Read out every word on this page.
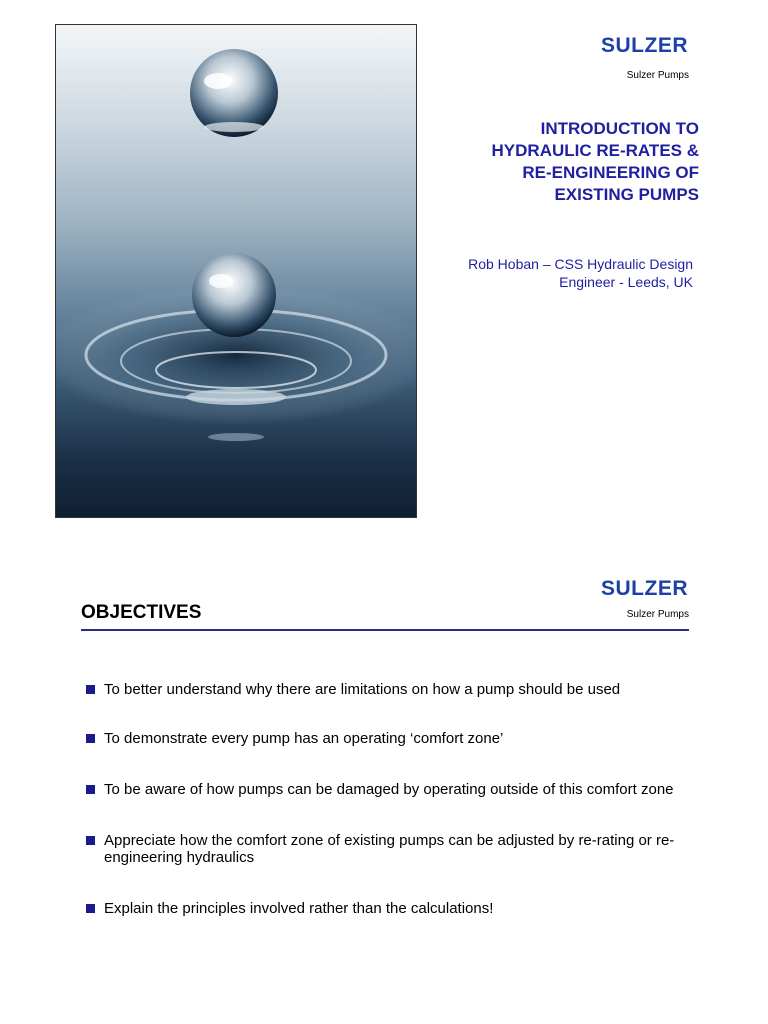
SULZER
Sulzer Pumps
INTRODUCTION TO
HYDRAULIC RE-RATES &
RE-ENGINEERING OF
EXISTING PUMPS
Rob Hoban – CSS Hydraulic Design
Engineer - Leeds, UK
SULZER
Sulzer Pumps
OBJECTIVES
To better understand why there are limitations on how a pump should be used
To demonstrate every pump has an operating ‘comfort zone’
To be aware of how pumps can be damaged by operating outside of this comfort zone
Appreciate how the comfort zone of existing pumps can be adjusted by re-rating or re-engineering hydraulics
Explain the principles involved rather than the calculations!
